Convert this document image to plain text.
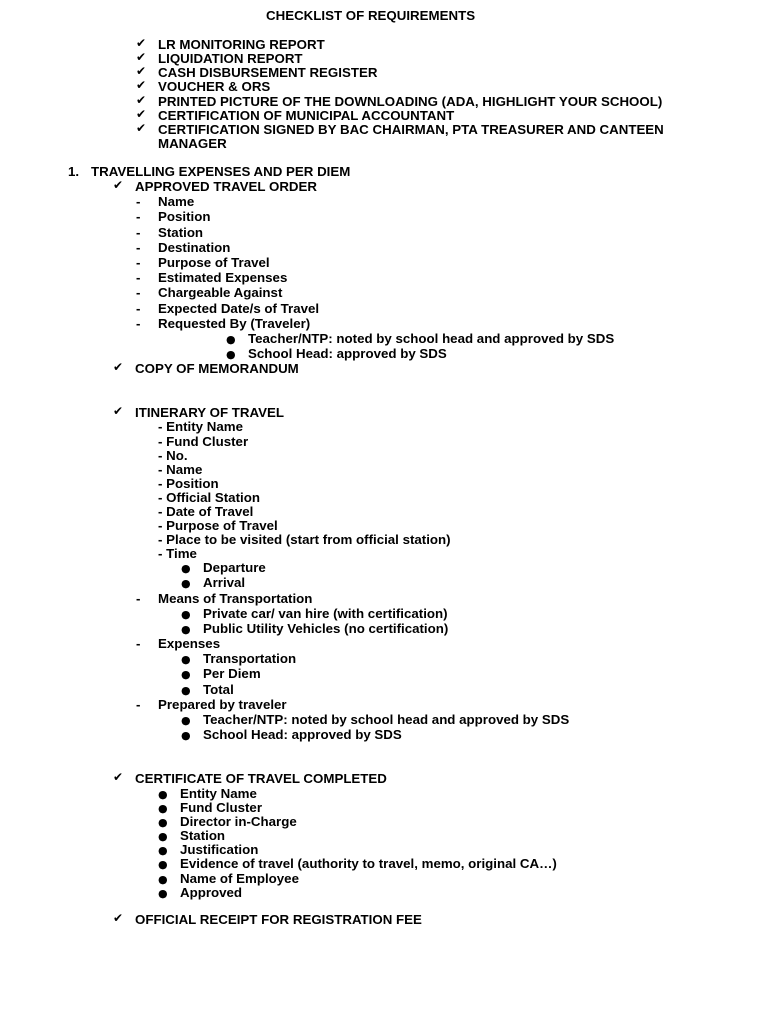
CHECKLIST OF REQUIREMENTS
✔ LR MONITORING REPORT
✔ LIQUIDATION REPORT
✔ CASH DISBURSEMENT REGISTER
✔ VOUCHER & ORS
✔ PRINTED PICTURE OF THE DOWNLOADING (ADA, HIGHLIGHT YOUR SCHOOL)
✔ CERTIFICATION OF MUNICIPAL ACCOUNTANT
✔ CERTIFICATION SIGNED BY BAC CHAIRMAN, PTA TREASURER AND CANTEEN
MANAGER
1. TRAVELLING EXPENSES AND PER DIEM
✔ APPROVED TRAVEL ORDER
- Name
- Position
- Station
- Destination
- Purpose of Travel
- Estimated Expenses
- Chargeable Against
- Expected Date/s of Travel
- Requested By (Traveler)
● Teacher/NTP: noted by school head and approved by SDS
● School Head: approved by SDS
✔ COPY OF MEMORANDUM
✔ ITINERARY OF TRAVEL
- Entity Name
- Fund Cluster
- No.
- Name
- Position
- Official Station
- Date of Travel
- Purpose of Travel
- Place to be visited (start from official station)
- Time
● Departure
● Arrival
- Means of Transportation
● Private car/ van hire (with certification)
● Public Utility Vehicles (no certification)
- Expenses
● Transportation
● Per Diem
● Total
- Prepared by traveler
● Teacher/NTP: noted by school head and approved by SDS
● School Head: approved by SDS
✔ CERTIFICATE OF TRAVEL COMPLETED
● Entity Name
● Fund Cluster
● Director in-Charge
● Station
● Justification
● Evidence of travel (authority to travel, memo, original CA…)
● Name of Employee
● Approved
✔ OFFICIAL RECEIPT FOR REGISTRATION FEE
